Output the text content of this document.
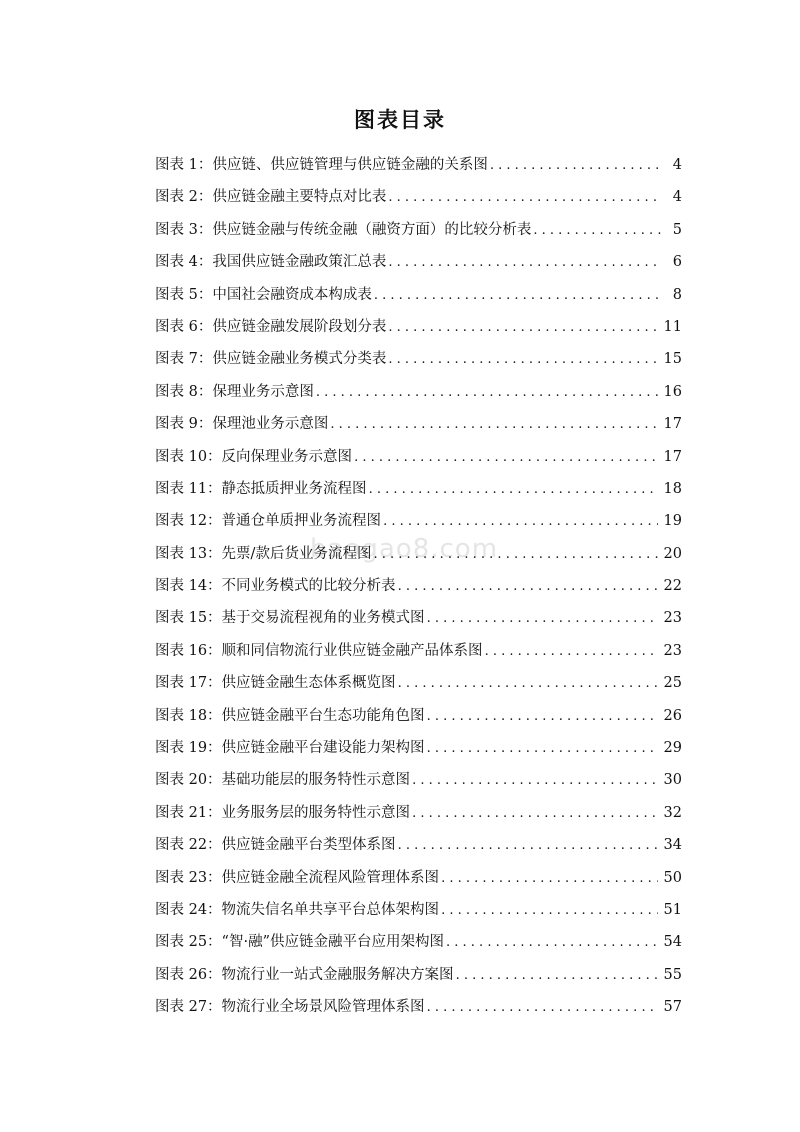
图表目录
baogao8.com
图表 1：供应链、供应链管理与供应链金融的关系图 . . .	4
图表 2：供应链金融主要特点对比表 . . .	4
图表 3：供应链金融与传统金融（融资方面）的比较分析表 . . .	5
图表 4：我国供应链金融政策汇总表 . . .	6
图表 5：中国社会融资成本构成表 . . .	8
图表 6：供应链金融发展阶段划分表 . . .	11
图表 7：供应链金融业务模式分类表 . . .	15
图表 8：保理业务示意图 . . .	16
图表 9：保理池业务示意图 . . .	17
图表 10：反向保理业务示意图 . . .	17
图表 11：静态抵质押业务流程图 . . .	18
图表 12：普通仓单质押业务流程图 . . .	19
图表 13：先票/款后货业务流程图 . . .	20
图表 14：不同业务模式的比较分析表 . . .	22
图表 15：基于交易流程视角的业务模式图 . . .	23
图表 16：顺和同信物流行业供应链金融产品体系图 . . .	23
图表 17：供应链金融生态体系概览图 . . .	25
图表 18：供应链金融平台生态功能角色图 . . .	26
图表 19：供应链金融平台建设能力架构图 . . .	29
图表 20：基础功能层的服务特性示意图 . . .	30
图表 21：业务服务层的服务特性示意图 . . .	32
图表 22：供应链金融平台类型体系图 . . .	34
图表 23：供应链金融全流程风险管理体系图 . . .	50
图表 24：物流失信名单共享平台总体架构图 . . .	51
图表 25：“智·融”供应链金融平台应用架构图 . . .	54
图表 26：物流行业一站式金融服务解决方案图 . . .	55
图表 27：物流行业全场景风险管理体系图 . . .	57
